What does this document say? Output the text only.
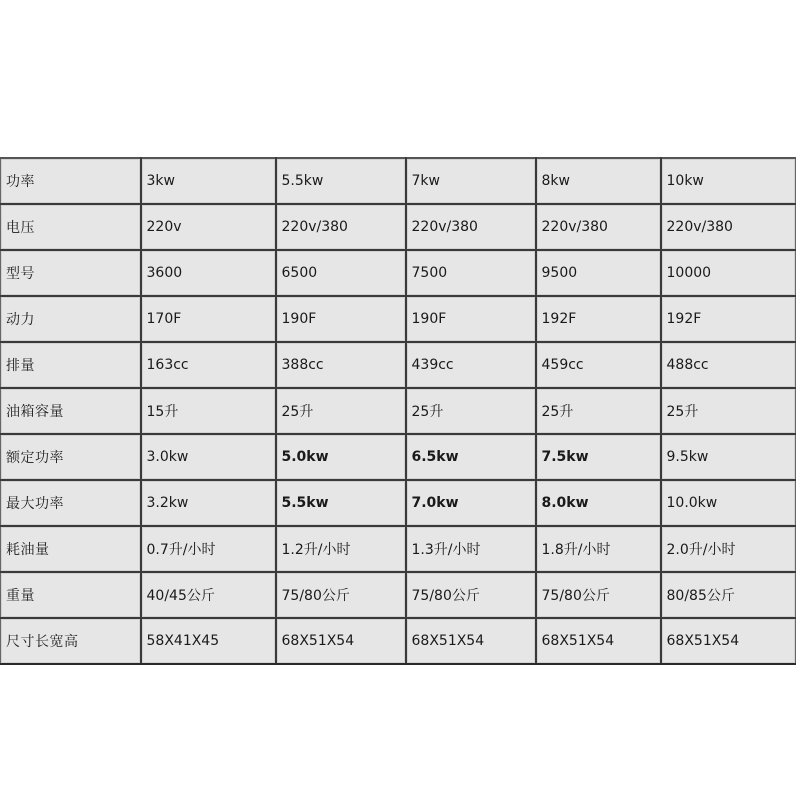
功率	3kw	5.5kw	7kw	8kw	10kw
电压	220v	220v/380	220v/380	220v/380	220v/380
型号	3600	6500	7500	9500	10000
动力	170F	190F	190F	192F	192F
排量	163cc	388cc	439cc	459cc	488cc
油箱容量	15升	25升	25升	25升	25升
额定功率	3.0kw	5.0kw	6.5kw	7.5kw	9.5kw
最大功率	3.2kw	5.5kw	7.0kw	8.0kw	10.0kw
耗油量	0.7升/小时	1.2升/小时	1.3升/小时	1.8升/小时	2.0升/小时
重量	40/45公斤	75/80公斤	75/80公斤	75/80公斤	80/85公斤
尺寸长宽高	58X41X45	68X51X54	68X51X54	68X51X54	68X51X54
